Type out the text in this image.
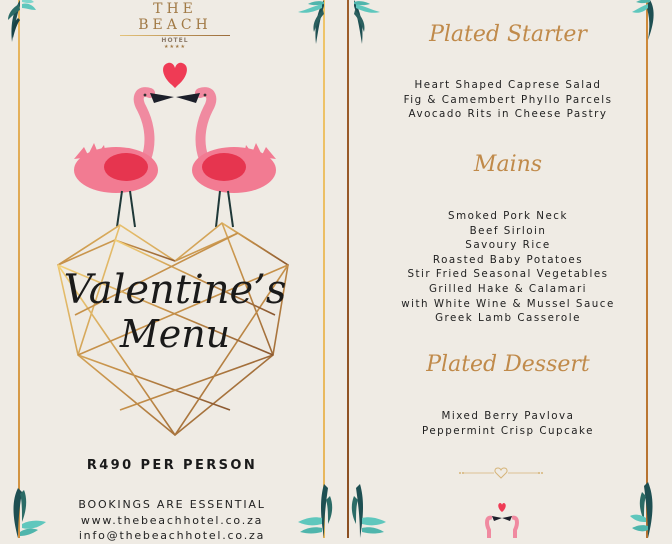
THE BEACH
HOTEL
★★★★
Valentine’s
Menu
R490 PER PERSON
BOOKINGS ARE ESSENTIAL
www.thebeachhotel.co.za
info@thebeachhotel.co.za
Plated Starter
Heart Shaped Caprese Salad
Fig & Camembert Phyllo Parcels
Avocado Rits in Cheese Pastry
Mains
Smoked Pork Neck
Beef Sirloin
Savoury Rice
Roasted Baby Potatoes
Stir Fried Seasonal Vegetables
Grilled Hake & Calamari
with White Wine & Mussel Sauce
Greek Lamb Casserole
Plated Dessert
Mixed Berry Pavlova
Peppermint Crisp Cupcake
